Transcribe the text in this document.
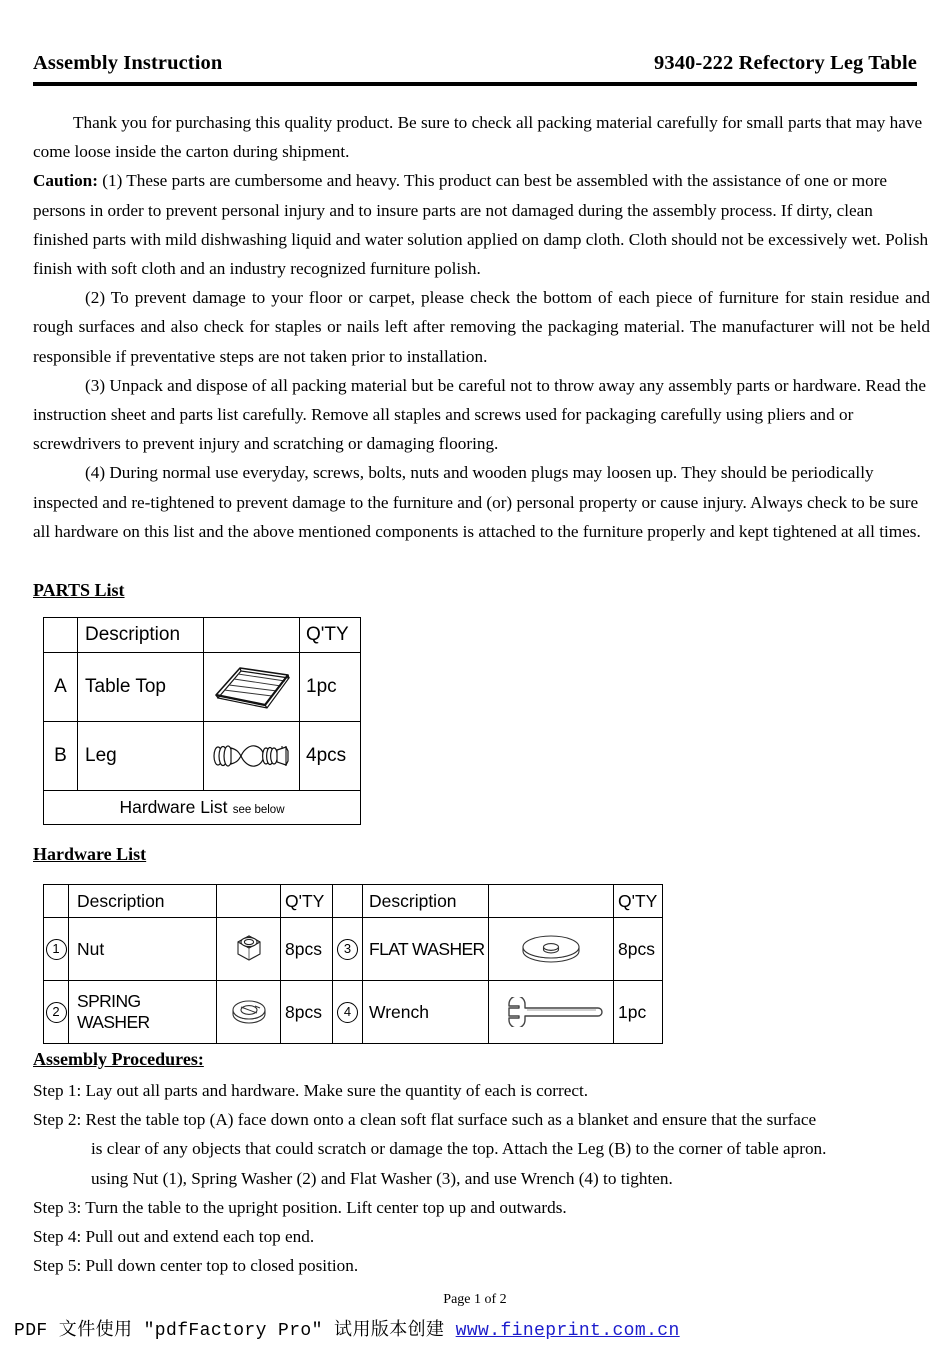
Assembly Instruction	9340-222 Refectory Leg Table

Thank you for purchasing this quality product. Be sure to check all packing material carefully for small parts that may have come loose inside the carton during shipment.

Caution: (1) These parts are cumbersome and heavy. This product can best be assembled with the assistance of one or more persons in order to prevent personal injury and to insure parts are not damaged during the assembly process. If dirty, clean finished parts with mild dishwashing liquid and water solution applied on damp cloth. Cloth should not be excessively wet. Polish finish with soft cloth and an industry recognized furniture polish.

(2) To prevent damage to your floor or carpet, please check the bottom of each piece of furniture for stain residue and rough surfaces and also check for staples or nails left after removing the packaging material. The manufacturer will not be held responsible if preventative steps are not taken prior to installation.

(3) Unpack and dispose of all packing material but be careful not to throw away any assembly parts or hardware. Read the instruction sheet and parts list carefully. Remove all staples and screws used for packaging carefully using pliers and or screwdrivers to prevent injury and scratching or damaging flooring.

(4) During normal use everyday, screws, bolts, nuts and wooden plugs may loosen up. They should be periodically inspected and re-tightened to prevent damage to the furniture and (or) personal property or cause injury. Always check to be sure all hardware on this list and the above mentioned components is attached to the furniture properly and kept tightened at all times.

PARTS List
	Description		Q'TY
A	Table Top		1pc
B	Leg		4pcs
Hardware List see below			
Hardware List
	Description		Q'TY		Description		Q'TY
1	Nut		8pcs	3	FLAT WASHER		8pcs
2	SPRING WASHER		8pcs	4	Wrench		1pc
Assembly Procedures:

Step 1: Lay out all parts and hardware. Make sure the quantity of each is correct.

Step 2: Rest the table top (A) face down onto a clean soft flat surface such as a blanket and ensure that the surface
is clear of any objects that could scratch or damage the top. Attach the Leg (B) to the corner of table apron.
using Nut (1), Spring Washer (2) and Flat Washer (3), and use Wrench (4) to tighten.

Step 3: Turn the table to the upright position. Lift center top up and outwards.

Step 4: Pull out and extend each top end.

Step 5: Pull down center top to closed position.

Page 1 of 2
PDF 文件使用 "pdfFactory Pro" 试用版本创建 www.fineprint.com.cn
